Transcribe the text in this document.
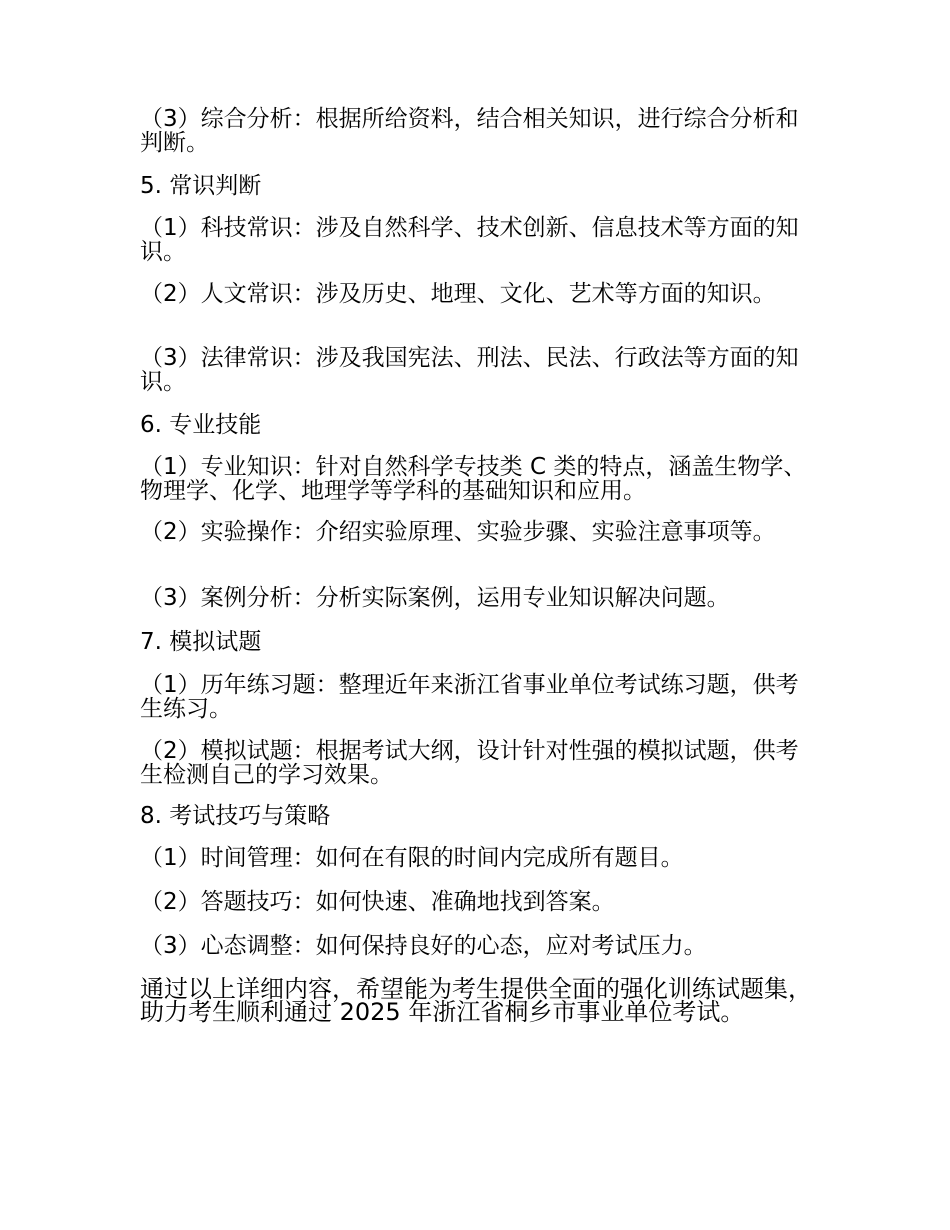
（3）综合分析：根据所给资料，结合相关知识，进行综合分析和判断。
5. 常识判断
（1）科技常识：涉及自然科学、技术创新、信息技术等方面的知识。
（2）人文常识：涉及历史、地理、文化、艺术等方面的知识。
（3）法律常识：涉及我国宪法、刑法、民法、行政法等方面的知识。
6. 专业技能
（1）专业知识：针对自然科学专技类 C 类的特点，涵盖生物学、物理学、化学、地理学等学科的基础知识和应用。
（2）实验操作：介绍实验原理、实验步骤、实验注意事项等。
（3）案例分析：分析实际案例，运用专业知识解决问题。
7. 模拟试题
（1）历年练习题：整理近年来浙江省事业单位考试练习题，供考生练习。
（2）模拟试题：根据考试大纲，设计针对性强的模拟试题，供考生检测自己的学习效果。
8. 考试技巧与策略
（1）时间管理：如何在有限的时间内完成所有题目。
（2）答题技巧：如何快速、准确地找到答案。
（3）心态调整：如何保持良好的心态，应对考试压力。
通过以上详细内容，希望能为考生提供全面的强化训练试题集，助力考生顺利通过 2025 年浙江省桐乡市事业单位考试。
